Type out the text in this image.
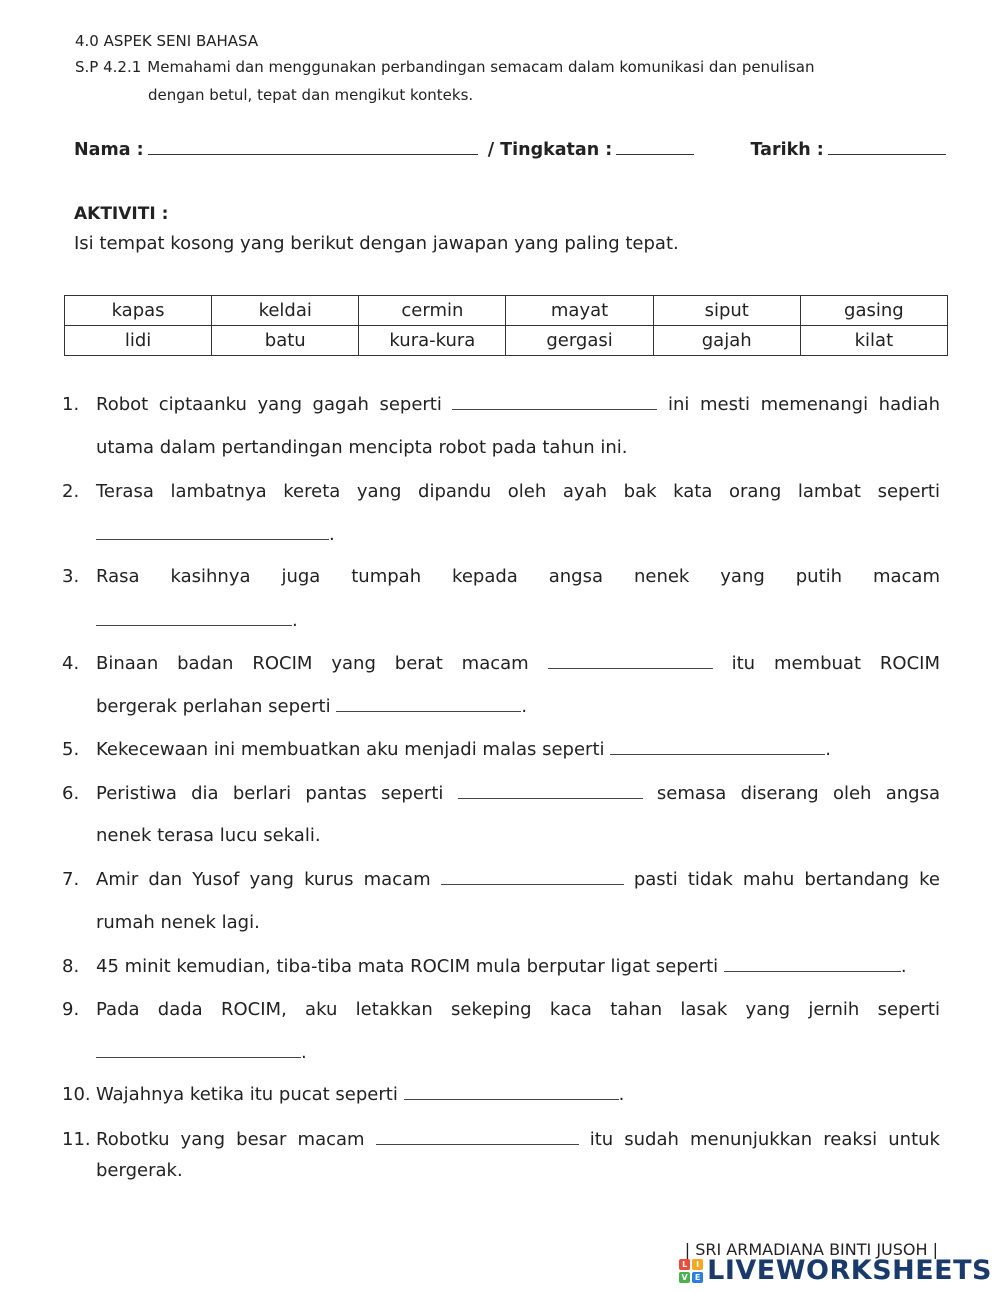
4.0 ASPEK SENI BAHASA
S.P 4.2.1 Memahami dan menggunakan perbandingan semacam dalam komunikasi dan penulisan
dengan betul, tepat dan mengikut konteks.
Nama :	/ Tingkatan :	Tarikh :
AKTIVITI :
Isi tempat kosong yang berikut dengan jawapan yang paling tepat.
kapas	keldai	cermin	mayat	siput	gasing
lidi	batu	kura-kura	gergasi	gajah	kilat
1. Robot ciptaanku yang gagah seperti	ini mesti memenangi hadiah
utama dalam pertandingan mencipta robot pada tahun ini.
2. Terasa lambatnya kereta yang dipandu oleh ayah bak kata orang lambat seperti
.
3. Rasa kasihnya juga tumpah kepada angsa nenek yang putih macam
.
4. Binaan badan ROCIM yang berat macam	itu membuat ROCIM
bergerak perlahan seperti	.
5. Kekecewaan ini membuatkan aku menjadi malas seperti	.
6. Peristiwa dia berlari pantas seperti	semasa diserang oleh angsa
nenek terasa lucu sekali.
7. Amir dan Yusof yang kurus macam	pasti tidak mahu bertandang ke
rumah nenek lagi.
8. 45 minit kemudian, tiba-tiba mata ROCIM mula berputar ligat seperti	.
9. Pada dada ROCIM, aku letakkan sekeping kaca tahan lasak yang jernih seperti
.
10. Wajahnya ketika itu pucat seperti	.
11. Robotku yang besar macam	itu sudah menunjukkan reaksi untuk
bergerak.
| SRI ARMADIANA BINTI JUSOH |
L	I
V E LIVEWORKSHEETS
